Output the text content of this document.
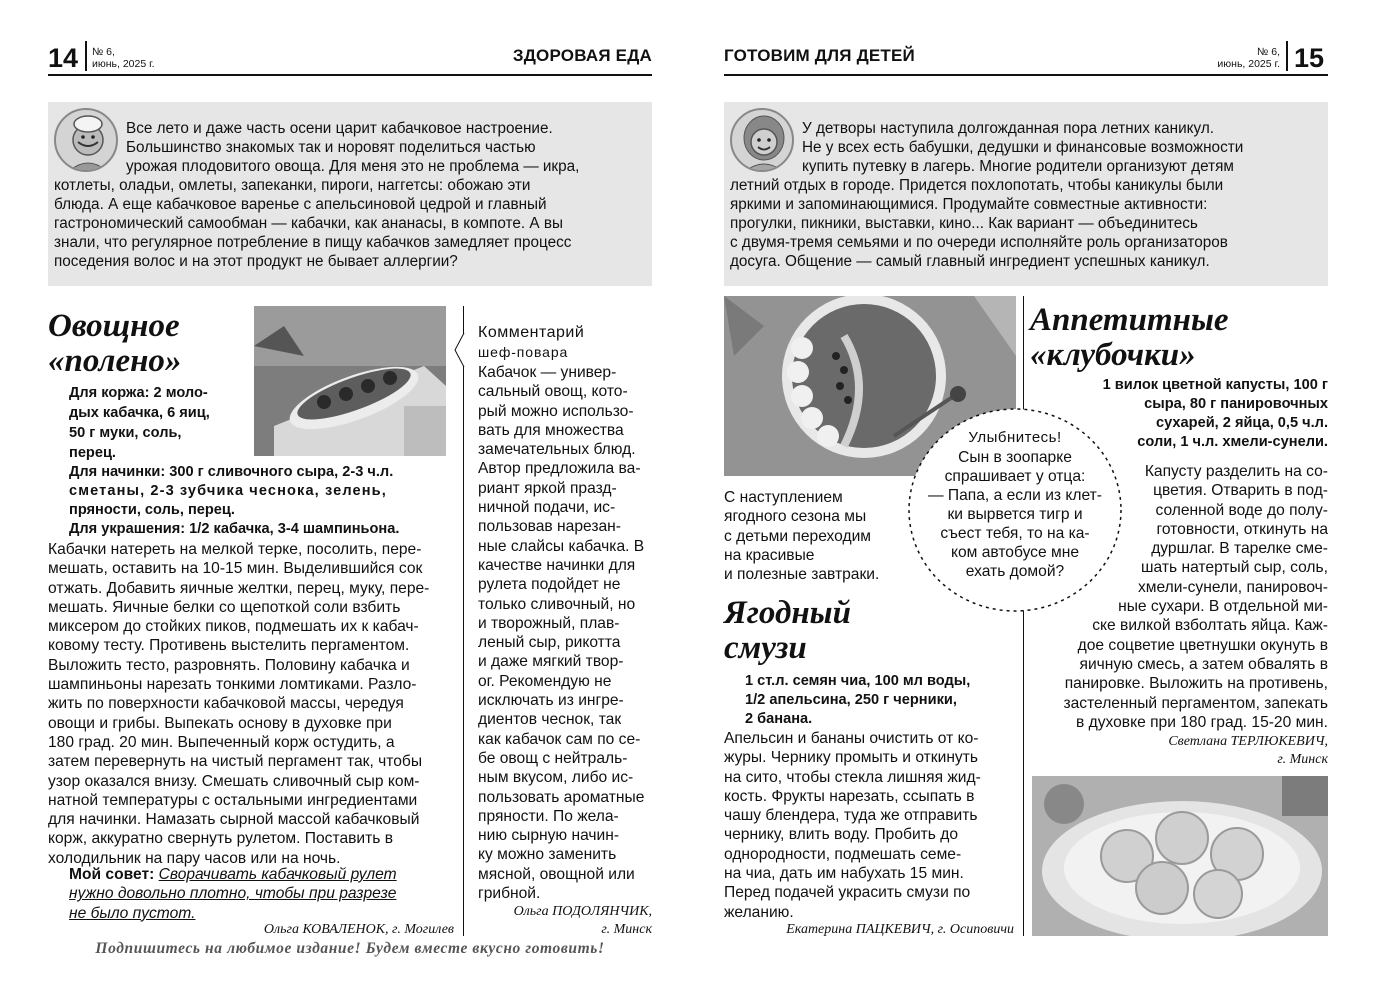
14 № 6,
июнь, 2025 г.	ЗДОРОВАЯ ЕДА
Все лето и даже часть осени царит кабачковое настроение.
Большинство знакомых так и норовят поделиться частью
урожая плодовитого овоща. Для меня это не проблема — икра,
котлеты, оладьи, омлеты, запеканки, пироги, наггетсы: обожаю эти
блюда. А еще кабачковое варенье с апельсиновой цедрой и главный
гастрономический самообман — кабачки, как ананасы, в компоте. А вы
знали, что регулярное потребление в пищу кабачков замедляет процесс
поседения волос и на этот продукт не бывает аллергии?
Овощное
«полено»
Для коржа: 2 моло-
дых кабачка, 6 яиц,
50 г муки, соль,
перец.
Для начинки: 300 г сливочного сыра, 2-3 ч.л.
сметаны, 2-3 зубчика чеснока, зелень,
пряности, соль, перец.
Для украшения: 1/2 кабачка, 3-4 шампиньона.
Кабачки натереть на мелкой терке, посолить, пере-
мешать, оставить на 10-15 мин. Выделившийся сок
отжать. Добавить яичные желтки, перец, муку, пере-
мешать. Яичные белки со щепоткой соли взбить
миксером до стойких пиков, подмешать их к кабач-
ковому тесту. Противень выстелить пергаментом.
Выложить тесто, разровнять. Половину кабачка и
шампиньоны нарезать тонкими ломтиками. Разло-
жить по поверхности кабачковой массы, чередуя
овощи и грибы. Выпекать основу в духовке при
180 град. 20 мин. Выпеченный корж остудить, а
затем перевернуть на чистый пергамент так, чтобы
узор оказался внизу. Смешать сливочный сыр ком-
натной температуры с остальными ингредиентами
для начинки. Намазать сырной массой кабачковый
корж, аккуратно свернуть рулетом. Поставить в
холодильник на пару часов или на ночь.
Мой совет: Сворачивать кабачковый рулет
нужно довольно плотно, чтобы при разрезе
не было пустот.
Ольга КОВАЛЕНОК, г. Могилев
Комментарий
шеф-повара
Кабачок — универ-
сальный овощ, кото-
рый можно использо-
вать для множества
замечательных блюд.
Автор предложила ва-
риант яркой празд-
ничной подачи, ис-
пользовав нарезан-
ные слайсы кабачка. В
качестве начинки для
рулета подойдет не
только сливочный, но
и творожный, плав-
леный сыр, рикотта
и даже мягкий твор-
ог. Рекомендую не
исключать из ингре-
диентов чеснок, так
как кабачок сам по се-
бе овощ с нейтраль-
ным вкусом, либо ис-
пользовать ароматные
пряности. По жела-
нию сырную начин-
ку можно заменить
мясной, овощной или
грибной.
Ольга ПОДОЛЯНЧИК,
г. Минск
Подпишитесь на любимое издание! Будем вместе вкусно готовить!
ГОТОВИМ ДЛЯ ДЕТЕЙ	№ 6,
июнь, 2025 г. 15
У детворы наступила долгожданная пора летних каникул.
Не у всех есть бабушки, дедушки и финансовые возможности
купить путевку в лагерь. Многие родители организуют детям
летний отдых в городе. Придется похлопотать, чтобы каникулы были
яркими и запоминающимися. Продумайте совместные активности:
прогулки, пикники, выставки, кино... Как вариант — объединитесь
с двумя-тремя семьями и по очереди исполняйте роль организаторов
досуга. Общение — самый главный ингредиент успешных каникул.
С наступлением
ягодного сезона мы
с детьми переходим
на красивые
и полезные завтраки.
Ягодный
смузи
1 ст.л. семян чиа, 100 мл воды,
1/2 апельсина, 250 г черники,
2 банана.
Апельсин и бананы очистить от ко-
журы. Чернику промыть и откинуть
на сито, чтобы стекла лишняя жид-
кость. Фрукты нарезать, ссыпать в
чашу блендера, туда же отправить
чернику, влить воду. Пробить до
однородности, подмешать семе-
на чиа, дать им набухать 15 мин.
Перед подачей украсить смузи по
желанию.
Екатерина ПАЦКЕВИЧ, г. Осиповичи
Улыбнитесь!
Сын в зоопарке
спрашивает у отца:
— Папа, а если из клет-
ки вырвется тигр и
съест тебя, то на ка-
ком автобусе мне
ехать домой?
Аппетитные
«клубочки»
1 вилок цветной капусты, 100 г
сыра, 80 г панировочных
сухарей, 2 яйца, 0,5 ч.л.
соли, 1 ч.л. хмели-сунели.
Капусту разделить на со-
цветия. Отварить в под-
соленной воде до полу-
готовности, откинуть на
дуршлаг. В тарелке сме-
шать натертый сыр, соль,
хмели-сунели, панировоч-
ные сухари. В отдельной ми-
ске вилкой взболтать яйца. Каж-
дое соцветие цветнушки окунуть в
яичную смесь, а затем обвалять в
панировке. Выложить на противень,
застеленный пергаментом, запекать
в духовке при 180 град. 15-20 мин.
Светлана ТЕРЛЮКЕВИЧ,
г. Минск
